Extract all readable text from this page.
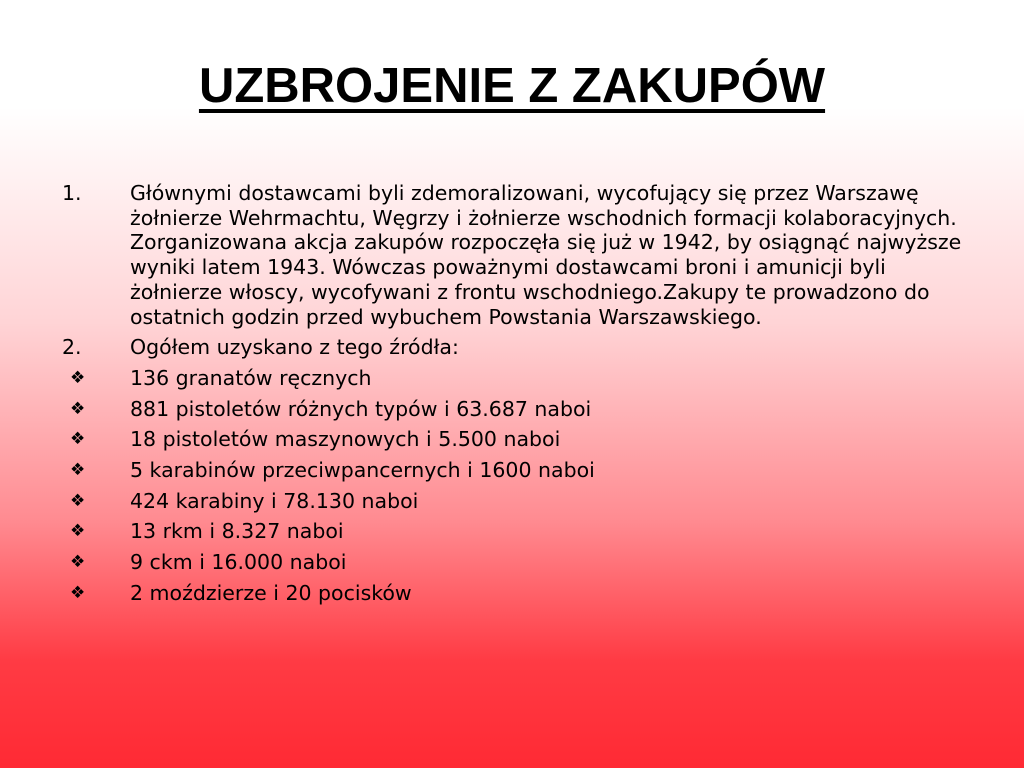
UZBROJENIE Z ZAKUPÓW
1.	Głównymi dostawcami byli zdemoralizowani, wycofujący się przez Warszawę żołnierze Wehrmachtu, Węgrzy i żołnierze wschodnich formacji kolaboracyjnych. Zorganizowana akcja zakupów rozpoczęła się już w 1942, by osiągnąć najwyższe wyniki latem 1943. Wówczas poważnymi dostawcami broni i amunicji byli żołnierze włoscy, wycofywani z frontu wschodniego.Zakupy te prowadzono do ostatnich godzin przed wybuchem Powstania Warszawskiego.
2.	Ogółem uzyskano z tego źródła:
❖	136 granatów ręcznych
❖	881 pistoletów różnych typów i 63.687 naboi
❖	18 pistoletów maszynowych i 5.500 naboi
❖	5 karabinów przeciwpancernych i 1600 naboi
❖	424 karabiny i 78.130 naboi
❖	13 rkm i 8.327 naboi
❖	9 ckm i 16.000 naboi
❖	2 moździerze i 20 pocisków
